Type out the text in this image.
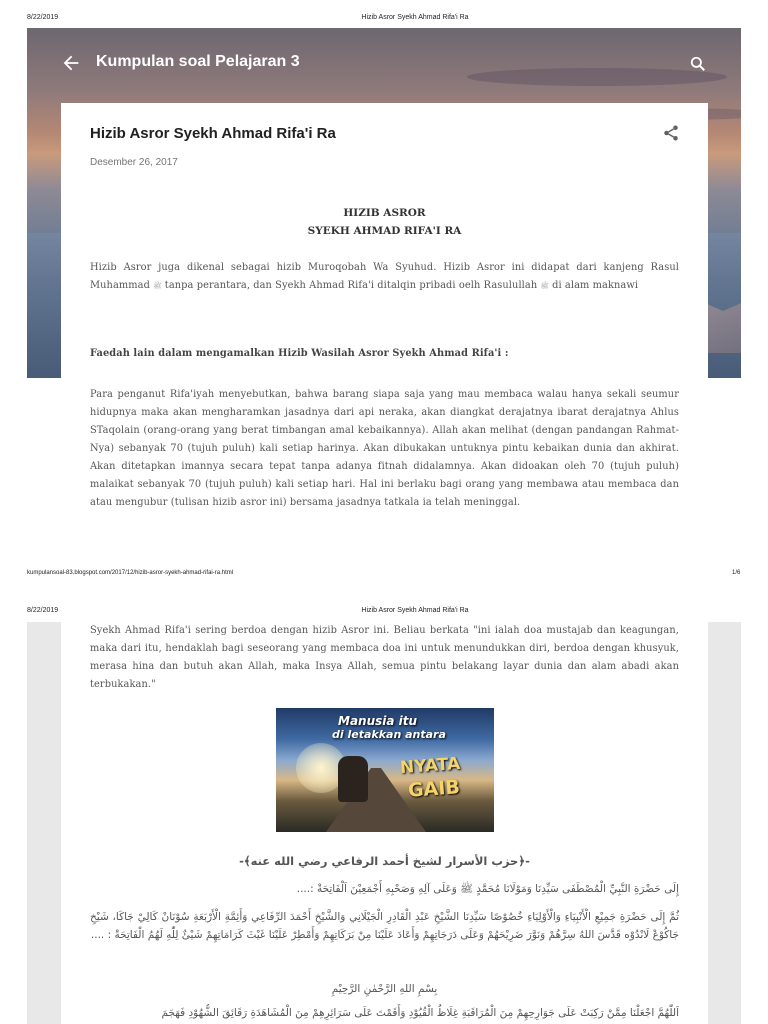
8/22/2019	Hizib Asror Syekh Ahmad Rifa'i Ra
Kumpulan soal Pelajaran 3
Hizib Asror Syekh Ahmad Rifa'i Ra
Desember 26, 2017
HIZIB ASROR
SYEKH AHMAD RIFA'I RA
Hizib Asror juga dikenal sebagai hizib Muroqobah Wa Syuhud. Hizib Asror ini didapat dari kanjeng Rasul Muhammad ﷺ tanpa perantara, dan Syekh Ahmad Rifa'i ditalqin pribadi oelh Rasulullah ﷺ di alam maknawi
Faedah lain dalam mengamalkan Hizib Wasilah Asror Syekh Ahmad Rifa'i :
Para penganut Rifa'iyah menyebutkan, bahwa barang siapa saja yang mau membaca walau hanya sekali seumur hidupnya maka akan mengharamkan jasadnya dari api neraka, akan diangkat derajatnya ibarat derajatnya Ahlus STaqolain (orang-orang yang berat timbangan amal kebaikannya). Allah akan melihat (dengan pandangan Rahmat-Nya) sebanyak 70 (tujuh puluh) kali setiap harinya. Akan dibukakan untuknya pintu kebaikan dunia dan akhirat. Akan ditetapkan imannya secara tepat tanpa adanya fitnah didalamnya. Akan didoakan oleh 70 (tujuh puluh) malaikat sebanyak 70 (tujuh puluh) kali setiap hari. Hal ini berlaku bagi orang yang membawa atau membaca dan atau mengubur (tulisan hizib asror ini) bersama jasadnya tatkala ia telah meninggal.
kumpulansoal-83.blogspot.com/2017/12/hizib-asror-syekh-ahmad-rifai-ra.html	1/6
8/22/2019	Hizib Asror Syekh Ahmad Rifa'i Ra
Syekh Ahmad Rifa'i sering berdoa dengan hizib Asror ini. Beliau berkata "ini ialah doa mustajab dan keagungan, maka dari itu, hendaklah bagi seseorang yang membaca doa ini untuk menundukkan diri, berdoa dengan khusyuk, merasa hina dan butuh akan Allah, maka Insya Allah, semua pintu belakang layar dunia dan alam abadi akan terbukakan."
Manusia itu
di letakkan antara
NYATA
GAIB
-﴿حزب الأسرار لشيخ أحمد الرفاعي رضي الله عنه﴾-
إِلَى حَضْرَةِ النَّبِيِّ الْمُصْطَفَى سَيِّدِنَا وَمَوْلَانَا مُحَمَّدٍ ﷺ وَعَلَى آلِهِ وَصَحْبِهِ أَجْمَعِيْنَ اَلْفَاتِحَةْ :....
ثُمَّ إِلَى حَضْرَةِ جَمِيْعِ الْأَنْبِيَاءِ وَالْأَوْلِيَاءِ خُصُوْصًا سَيِّدِنَا الشَّيْخِ عَبْدِ الْقَادِرِ الْجَيْلَانِي وَالشَّيْخِ أَحْمَدَ الرِّفَاعِي وَأَئِمَّةِ الْأَرْبَعَةِ سُوْنَانْ كَالِيْ جَاكَا، شَيْخِ جَاكُوْعْ لَانْدُوْه قَدَّسَ اللهُ سِرَّهُمْ وَنَوَّرَ ضَرِيْحَهُمْ وَعَلَى دَرَجَاتِهِمْ وَأَعَادَ عَلَيْنَا مِنْ بَرَكَاتِهِمْ وَأَمْطِرْ عَلَيْنَا غَيْثَ كَرَامَاتِهِمْ شَيْئٌ لِلّٰهِ لَهُمُ الْفَاتِحَةْ : ....
بِسْمِ اللهِ الرَّحْمٰنِ الرَّحِيْمِ
اَللّٰهُمَّ اجْعَلْنَا مِمَّنْ رَكِبَتْ عَلَى جَوَارِحِهِمْ مِنَ الْمُرَاقَبَةِ غِلَاظُ الْقُيُوْدِ وَأَقَمْتَ عَلَى سَرَائِرِهِمْ مِنَ الْمُشَاهَدَةِ رَقَائِقَ الشُّهُوْدِ فَهَجَمَ
